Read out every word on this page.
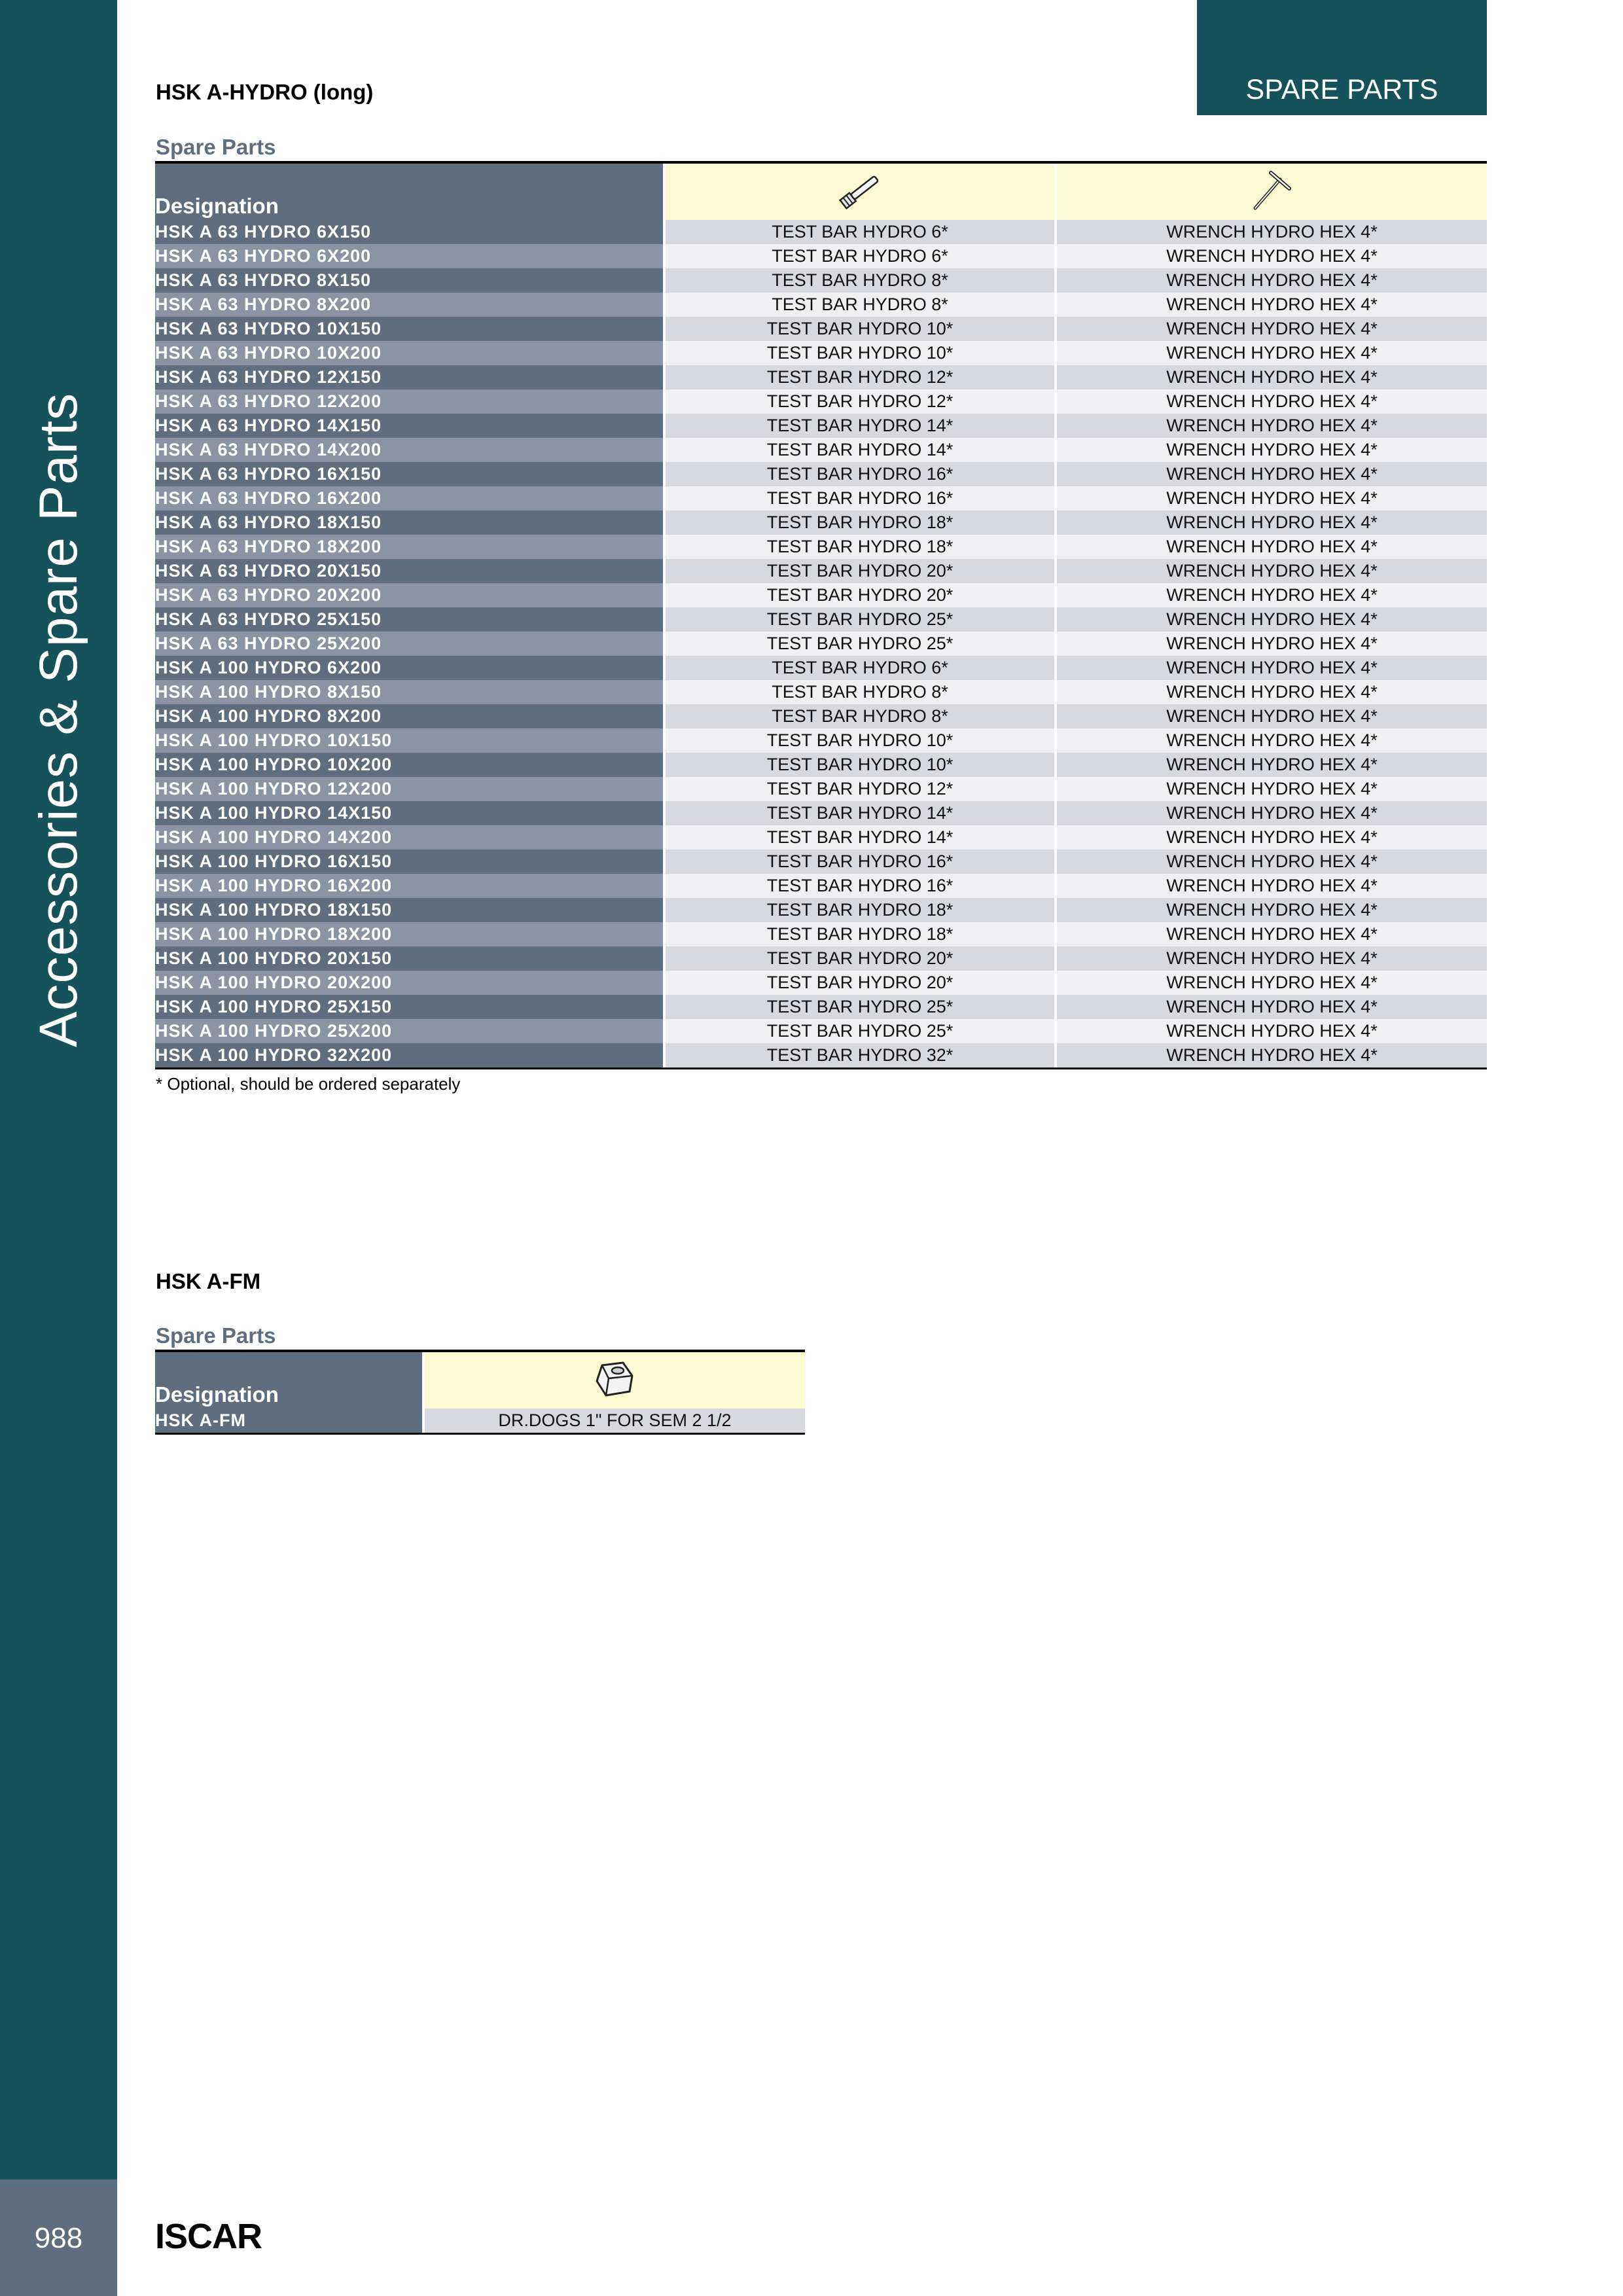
Accessories & Spare Parts
988
SPARE PARTS
HSK A-HYDRO (long)
Spare Parts
Designation

HSK A 63 HYDRO 6X150	TEST BAR HYDRO 6*	WRENCH HYDRO HEX 4*
HSK A 63 HYDRO 6X200	TEST BAR HYDRO 6*	WRENCH HYDRO HEX 4*
HSK A 63 HYDRO 8X150	TEST BAR HYDRO 8*	WRENCH HYDRO HEX 4*
HSK A 63 HYDRO 8X200	TEST BAR HYDRO 8*	WRENCH HYDRO HEX 4*
HSK A 63 HYDRO 10X150	TEST BAR HYDRO 10*	WRENCH HYDRO HEX 4*
HSK A 63 HYDRO 10X200	TEST BAR HYDRO 10*	WRENCH HYDRO HEX 4*
HSK A 63 HYDRO 12X150	TEST BAR HYDRO 12*	WRENCH HYDRO HEX 4*
HSK A 63 HYDRO 12X200	TEST BAR HYDRO 12*	WRENCH HYDRO HEX 4*
HSK A 63 HYDRO 14X150	TEST BAR HYDRO 14*	WRENCH HYDRO HEX 4*
HSK A 63 HYDRO 14X200	TEST BAR HYDRO 14*	WRENCH HYDRO HEX 4*
HSK A 63 HYDRO 16X150	TEST BAR HYDRO 16*	WRENCH HYDRO HEX 4*
HSK A 63 HYDRO 16X200	TEST BAR HYDRO 16*	WRENCH HYDRO HEX 4*
HSK A 63 HYDRO 18X150	TEST BAR HYDRO 18*	WRENCH HYDRO HEX 4*
HSK A 63 HYDRO 18X200	TEST BAR HYDRO 18*	WRENCH HYDRO HEX 4*
HSK A 63 HYDRO 20X150	TEST BAR HYDRO 20*	WRENCH HYDRO HEX 4*
HSK A 63 HYDRO 20X200	TEST BAR HYDRO 20*	WRENCH HYDRO HEX 4*
HSK A 63 HYDRO 25X150	TEST BAR HYDRO 25*	WRENCH HYDRO HEX 4*
HSK A 63 HYDRO 25X200	TEST BAR HYDRO 25*	WRENCH HYDRO HEX 4*
HSK A 100 HYDRO 6X200	TEST BAR HYDRO 6*	WRENCH HYDRO HEX 4*
HSK A 100 HYDRO 8X150	TEST BAR HYDRO 8*	WRENCH HYDRO HEX 4*
HSK A 100 HYDRO 8X200	TEST BAR HYDRO 8*	WRENCH HYDRO HEX 4*
HSK A 100 HYDRO 10X150	TEST BAR HYDRO 10*	WRENCH HYDRO HEX 4*
HSK A 100 HYDRO 10X200	TEST BAR HYDRO 10*	WRENCH HYDRO HEX 4*
HSK A 100 HYDRO 12X200	TEST BAR HYDRO 12*	WRENCH HYDRO HEX 4*
HSK A 100 HYDRO 14X150	TEST BAR HYDRO 14*	WRENCH HYDRO HEX 4*
HSK A 100 HYDRO 14X200	TEST BAR HYDRO 14*	WRENCH HYDRO HEX 4*
HSK A 100 HYDRO 16X150	TEST BAR HYDRO 16*	WRENCH HYDRO HEX 4*
HSK A 100 HYDRO 16X200	TEST BAR HYDRO 16*	WRENCH HYDRO HEX 4*
HSK A 100 HYDRO 18X150	TEST BAR HYDRO 18*	WRENCH HYDRO HEX 4*
HSK A 100 HYDRO 18X200	TEST BAR HYDRO 18*	WRENCH HYDRO HEX 4*
HSK A 100 HYDRO 20X150	TEST BAR HYDRO 20*	WRENCH HYDRO HEX 4*
HSK A 100 HYDRO 20X200	TEST BAR HYDRO 20*	WRENCH HYDRO HEX 4*
HSK A 100 HYDRO 25X150	TEST BAR HYDRO 25*	WRENCH HYDRO HEX 4*
HSK A 100 HYDRO 25X200	TEST BAR HYDRO 25*	WRENCH HYDRO HEX 4*
HSK A 100 HYDRO 32X200	TEST BAR HYDRO 32*	WRENCH HYDRO HEX 4*
* Optional, should be ordered separately
HSK A-FM
Spare Parts
Designation

HSK A-FM	DR.DOGS 1" FOR SEM 2 1/2
ISCAR
